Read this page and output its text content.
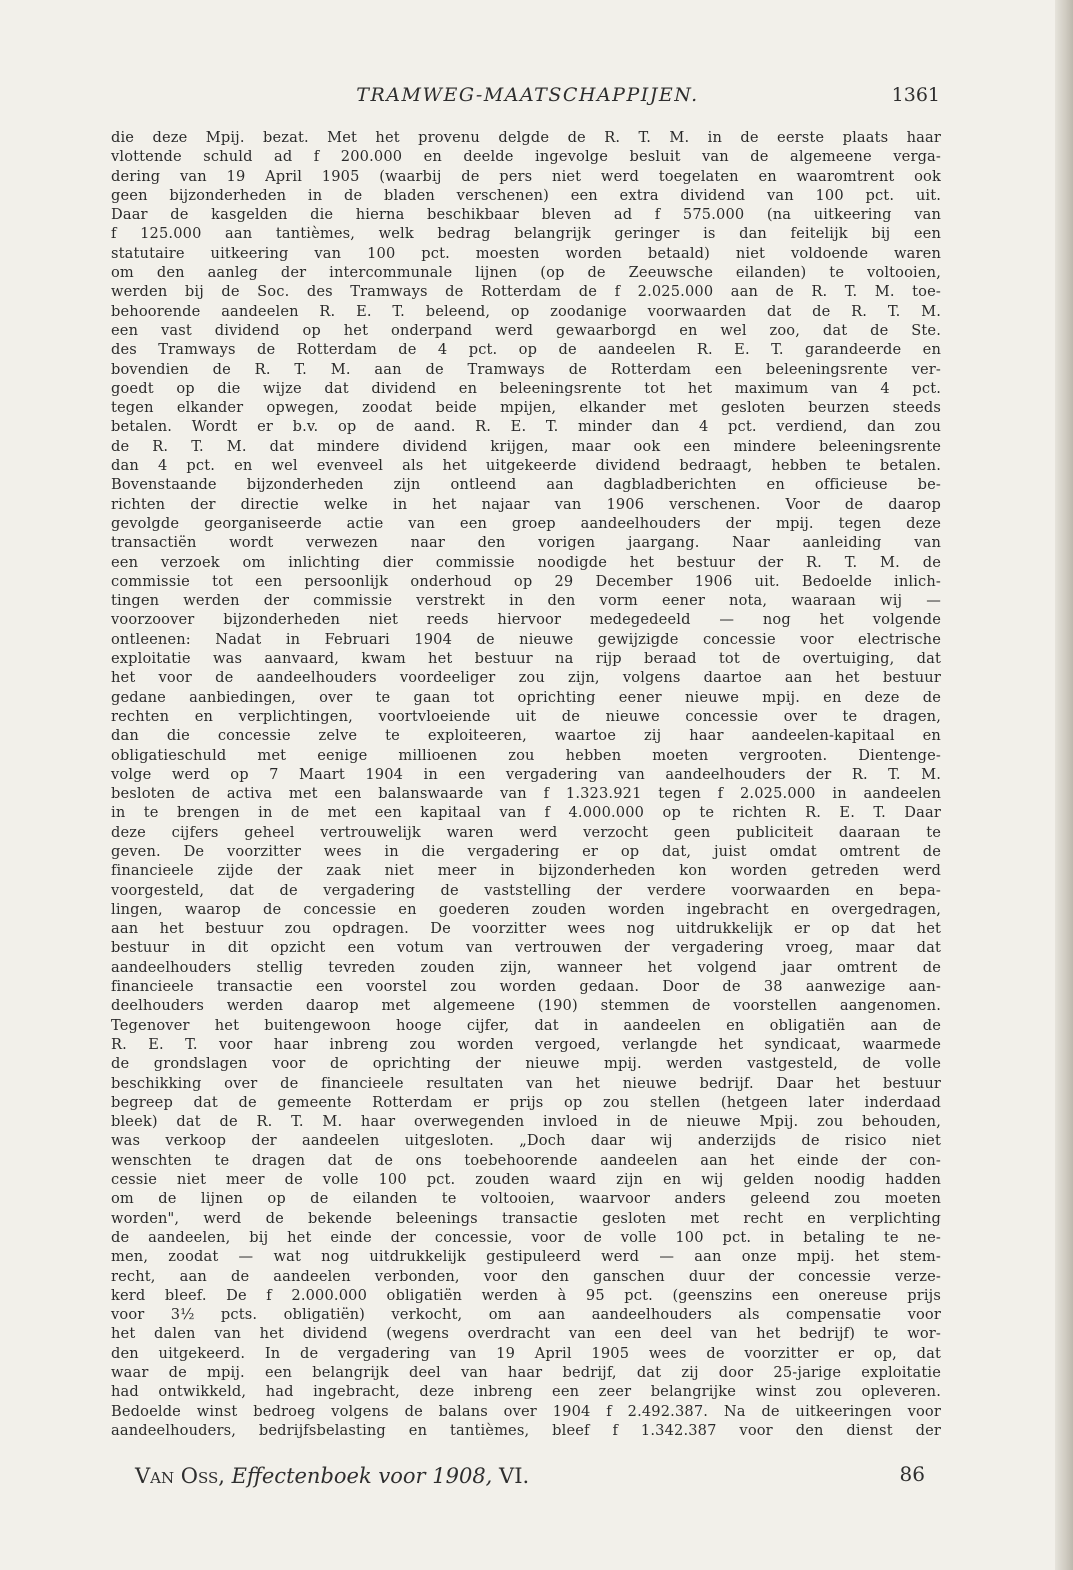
TRAMWEG-MAATSCHAPPIJEN.	1361
die deze Mpij. bezat. Met het provenu delgde de R. T. M. in de eerste plaats haar
vlottende schuld ad f 200.000 en deelde ingevolge besluit van de algemeene verga-
dering van 19 April 1905 (waarbij de pers niet werd toegelaten en waaromtrent ook
geen bijzonderheden in de bladen verschenen) een extra dividend van 100 pct. uit.
Daar de kasgelden die hierna beschikbaar bleven ad f 575.000 (na uitkeering van
f 125.000 aan tantièmes, welk bedrag belangrijk geringer is dan feitelijk bij een
statutaire uitkeering van 100 pct. moesten worden betaald) niet voldoende waren
om den aanleg der intercommunale lijnen (op de Zeeuwsche eilanden) te voltooien,
werden bij de Soc. des Tramways de Rotterdam de f 2.025.000 aan de R. T. M. toe-
behoorende aandeelen R. E. T. beleend, op zoodanige voorwaarden dat de R. T. M.
een vast dividend op het onderpand werd gewaarborgd en wel zoo, dat de Ste.
des Tramways de Rotterdam de 4 pct. op de aandeelen R. E. T. garandeerde en
bovendien de R. T. M. aan de Tramways de Rotterdam een beleeningsrente ver-
goedt op die wijze dat dividend en beleeningsrente tot het maximum van 4 pct.
tegen elkander opwegen, zoodat beide mpijen, elkander met gesloten beurzen steeds
betalen. Wordt er b.v. op de aand. R. E. T. minder dan 4 pct. verdiend, dan zou
de R. T. M. dat mindere dividend krijgen, maar ook een mindere beleeningsrente
dan 4 pct. en wel evenveel als het uitgekeerde dividend bedraagt, hebben te betalen.
Bovenstaande bijzonderheden zijn ontleend aan dagbladberichten en officieuse be-
richten der directie welke in het najaar van 1906 verschenen. Voor de daarop
gevolgde georganiseerde actie van een groep aandeelhouders der mpij. tegen deze
transactiën wordt verwezen naar den vorigen jaargang. Naar aanleiding van
een verzoek om inlichting dier commissie noodigde het bestuur der R. T. M. de
commissie tot een persoonlijk onderhoud op 29 December 1906 uit. Bedoelde inlich-
tingen werden der commissie verstrekt in den vorm eener nota, waaraan wij —
voorzoover bijzonderheden niet reeds hiervoor medegedeeld — nog het volgende
ontleenen: Nadat in Februari 1904 de nieuwe gewijzigde concessie voor electrische
exploitatie was aanvaard, kwam het bestuur na rijp beraad tot de overtuiging, dat
het voor de aandeelhouders voordeeliger zou zijn, volgens daartoe aan het bestuur
gedane aanbiedingen, over te gaan tot oprichting eener nieuwe mpij. en deze de
rechten en verplichtingen, voortvloeiende uit de nieuwe concessie over te dragen,
dan die concessie zelve te exploiteeren, waartoe zij haar aandeelen-kapitaal en
obligatieschuld met eenige millioenen zou hebben moeten vergrooten. Dientenge-
volge werd op 7 Maart 1904 in een vergadering van aandeelhouders der R. T. M.
besloten de activa met een balanswaarde van f 1.323.921 tegen f 2.025.000 in aandeelen
in te brengen in de met een kapitaal van f 4.000.000 op te richten R. E. T. Daar
deze cijfers geheel vertrouwelijk waren werd verzocht geen publiciteit daaraan te
geven. De voorzitter wees in die vergadering er op dat, juist omdat omtrent de
financieele zijde der zaak niet meer in bijzonderheden kon worden getreden werd
voorgesteld, dat de vergadering de vaststelling der verdere voorwaarden en bepa-
lingen, waarop de concessie en goederen zouden worden ingebracht en overgedragen,
aan het bestuur zou opdragen. De voorzitter wees nog uitdrukkelijk er op dat het
bestuur in dit opzicht een votum van vertrouwen der vergadering vroeg, maar dat
aandeelhouders stellig tevreden zouden zijn, wanneer het volgend jaar omtrent de
financieele transactie een voorstel zou worden gedaan. Door de 38 aanwezige aan-
deelhouders werden daarop met algemeene (190) stemmen de voorstellen aangenomen.
Tegenover het buitengewoon hooge cijfer, dat in aandeelen en obligatiën aan de
R. E. T. voor haar inbreng zou worden vergoed, verlangde het syndicaat, waarmede
de grondslagen voor de oprichting der nieuwe mpij. werden vastgesteld, de volle
beschikking over de financieele resultaten van het nieuwe bedrijf. Daar het bestuur
begreep dat de gemeente Rotterdam er prijs op zou stellen (hetgeen later inderdaad
bleek) dat de R. T. M. haar overwegenden invloed in de nieuwe Mpij. zou behouden,
was verkoop der aandeelen uitgesloten. „Doch daar wij anderzijds de risico niet
wenschten te dragen dat de ons toebehoorende aandeelen aan het einde der con-
cessie niet meer de volle 100 pct. zouden waard zijn en wij gelden noodig hadden
om de lijnen op de eilanden te voltooien, waarvoor anders geleend zou moeten
worden", werd de bekende beleenings transactie gesloten met recht en verplichting
de aandeelen, bij het einde der concessie, voor de volle 100 pct. in betaling te ne-
men, zoodat — wat nog uitdrukkelijk gestipuleerd werd — aan onze mpij. het stem-
recht, aan de aandeelen verbonden, voor den ganschen duur der concessie verze-
kerd bleef. De f 2.000.000 obligatiën werden à 95 pct. (geenszins een onereuse prijs
voor 3½ pcts. obligatiën) verkocht, om aan aandeelhouders als compensatie voor
het dalen van het dividend (wegens overdracht van een deel van het bedrijf) te wor-
den uitgekeerd. In de vergadering van 19 April 1905 wees de voorzitter er op, dat
waar de mpij. een belangrijk deel van haar bedrijf, dat zij door 25-jarige exploitatie
had ontwikkeld, had ingebracht, deze inbreng een zeer belangrijke winst zou opleveren.
Bedoelde winst bedroeg volgens de balans over 1904 f 2.492.387. Na de uitkeeringen voor
aandeelhouders, bedrijfsbelasting en tantièmes, bleef f 1.342.387 voor den dienst der
Van Oss, Effectenboek voor 1908, VI.	86
